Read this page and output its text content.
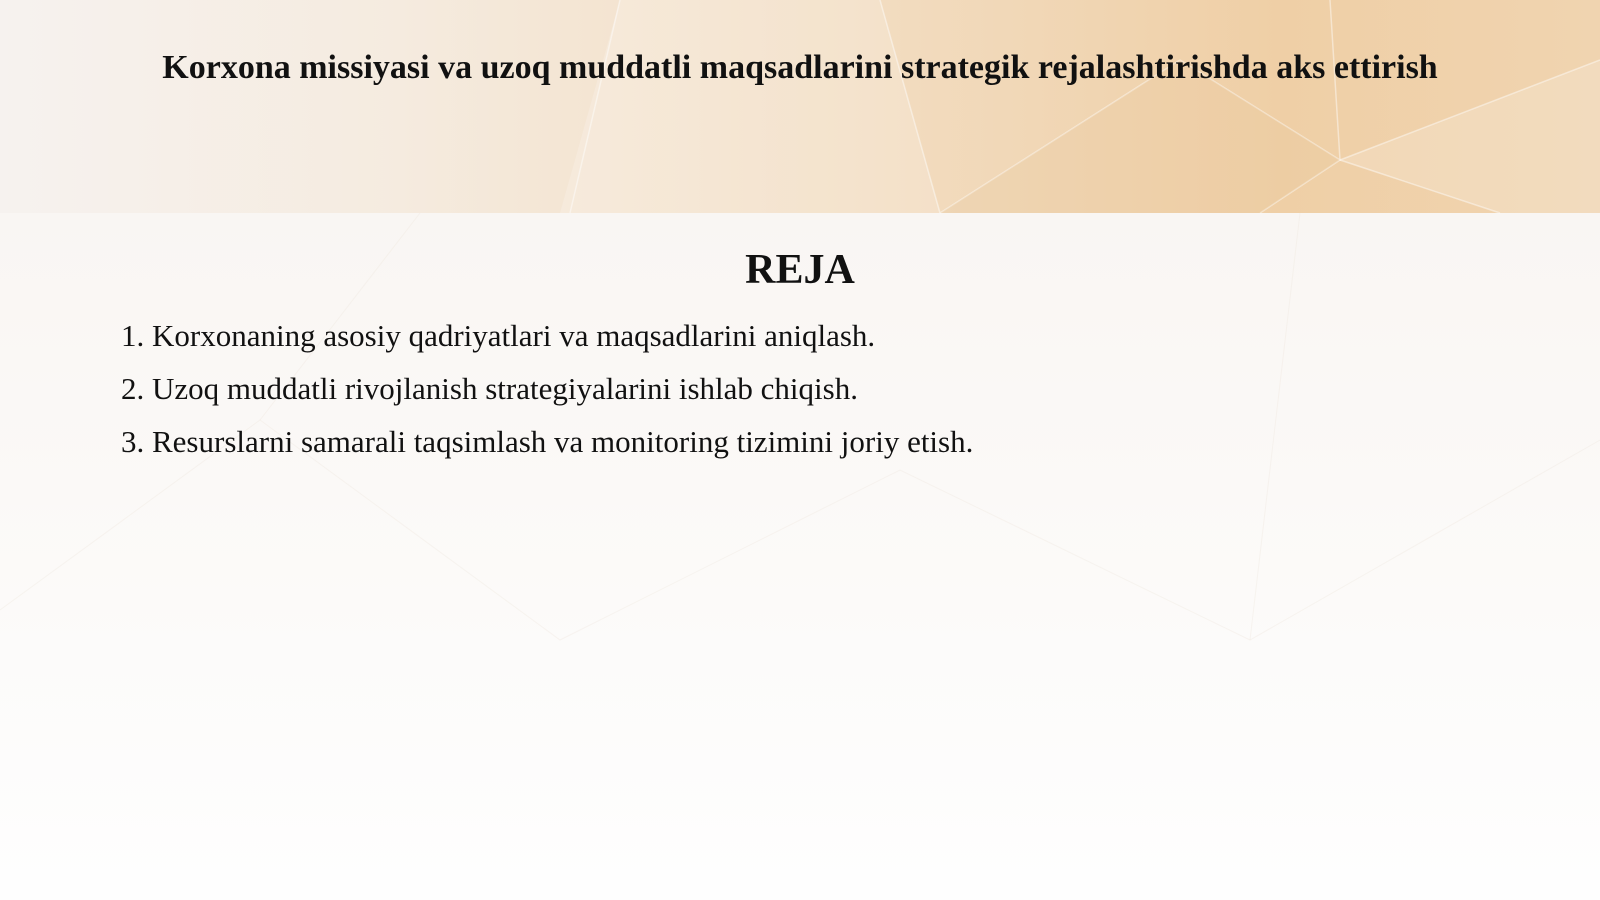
Korxona missiyasi va uzoq muddatli maqsadlarini strategik rejalashtirishda aks ettirish
REJA
1. Korxonaning asosiy qadriyatlari va maqsadlarini aniqlash.
2. Uzoq muddatli rivojlanish strategiyalarini ishlab chiqish.
3. Resurslarni samarali taqsimlash va monitoring tizimini joriy etish.
